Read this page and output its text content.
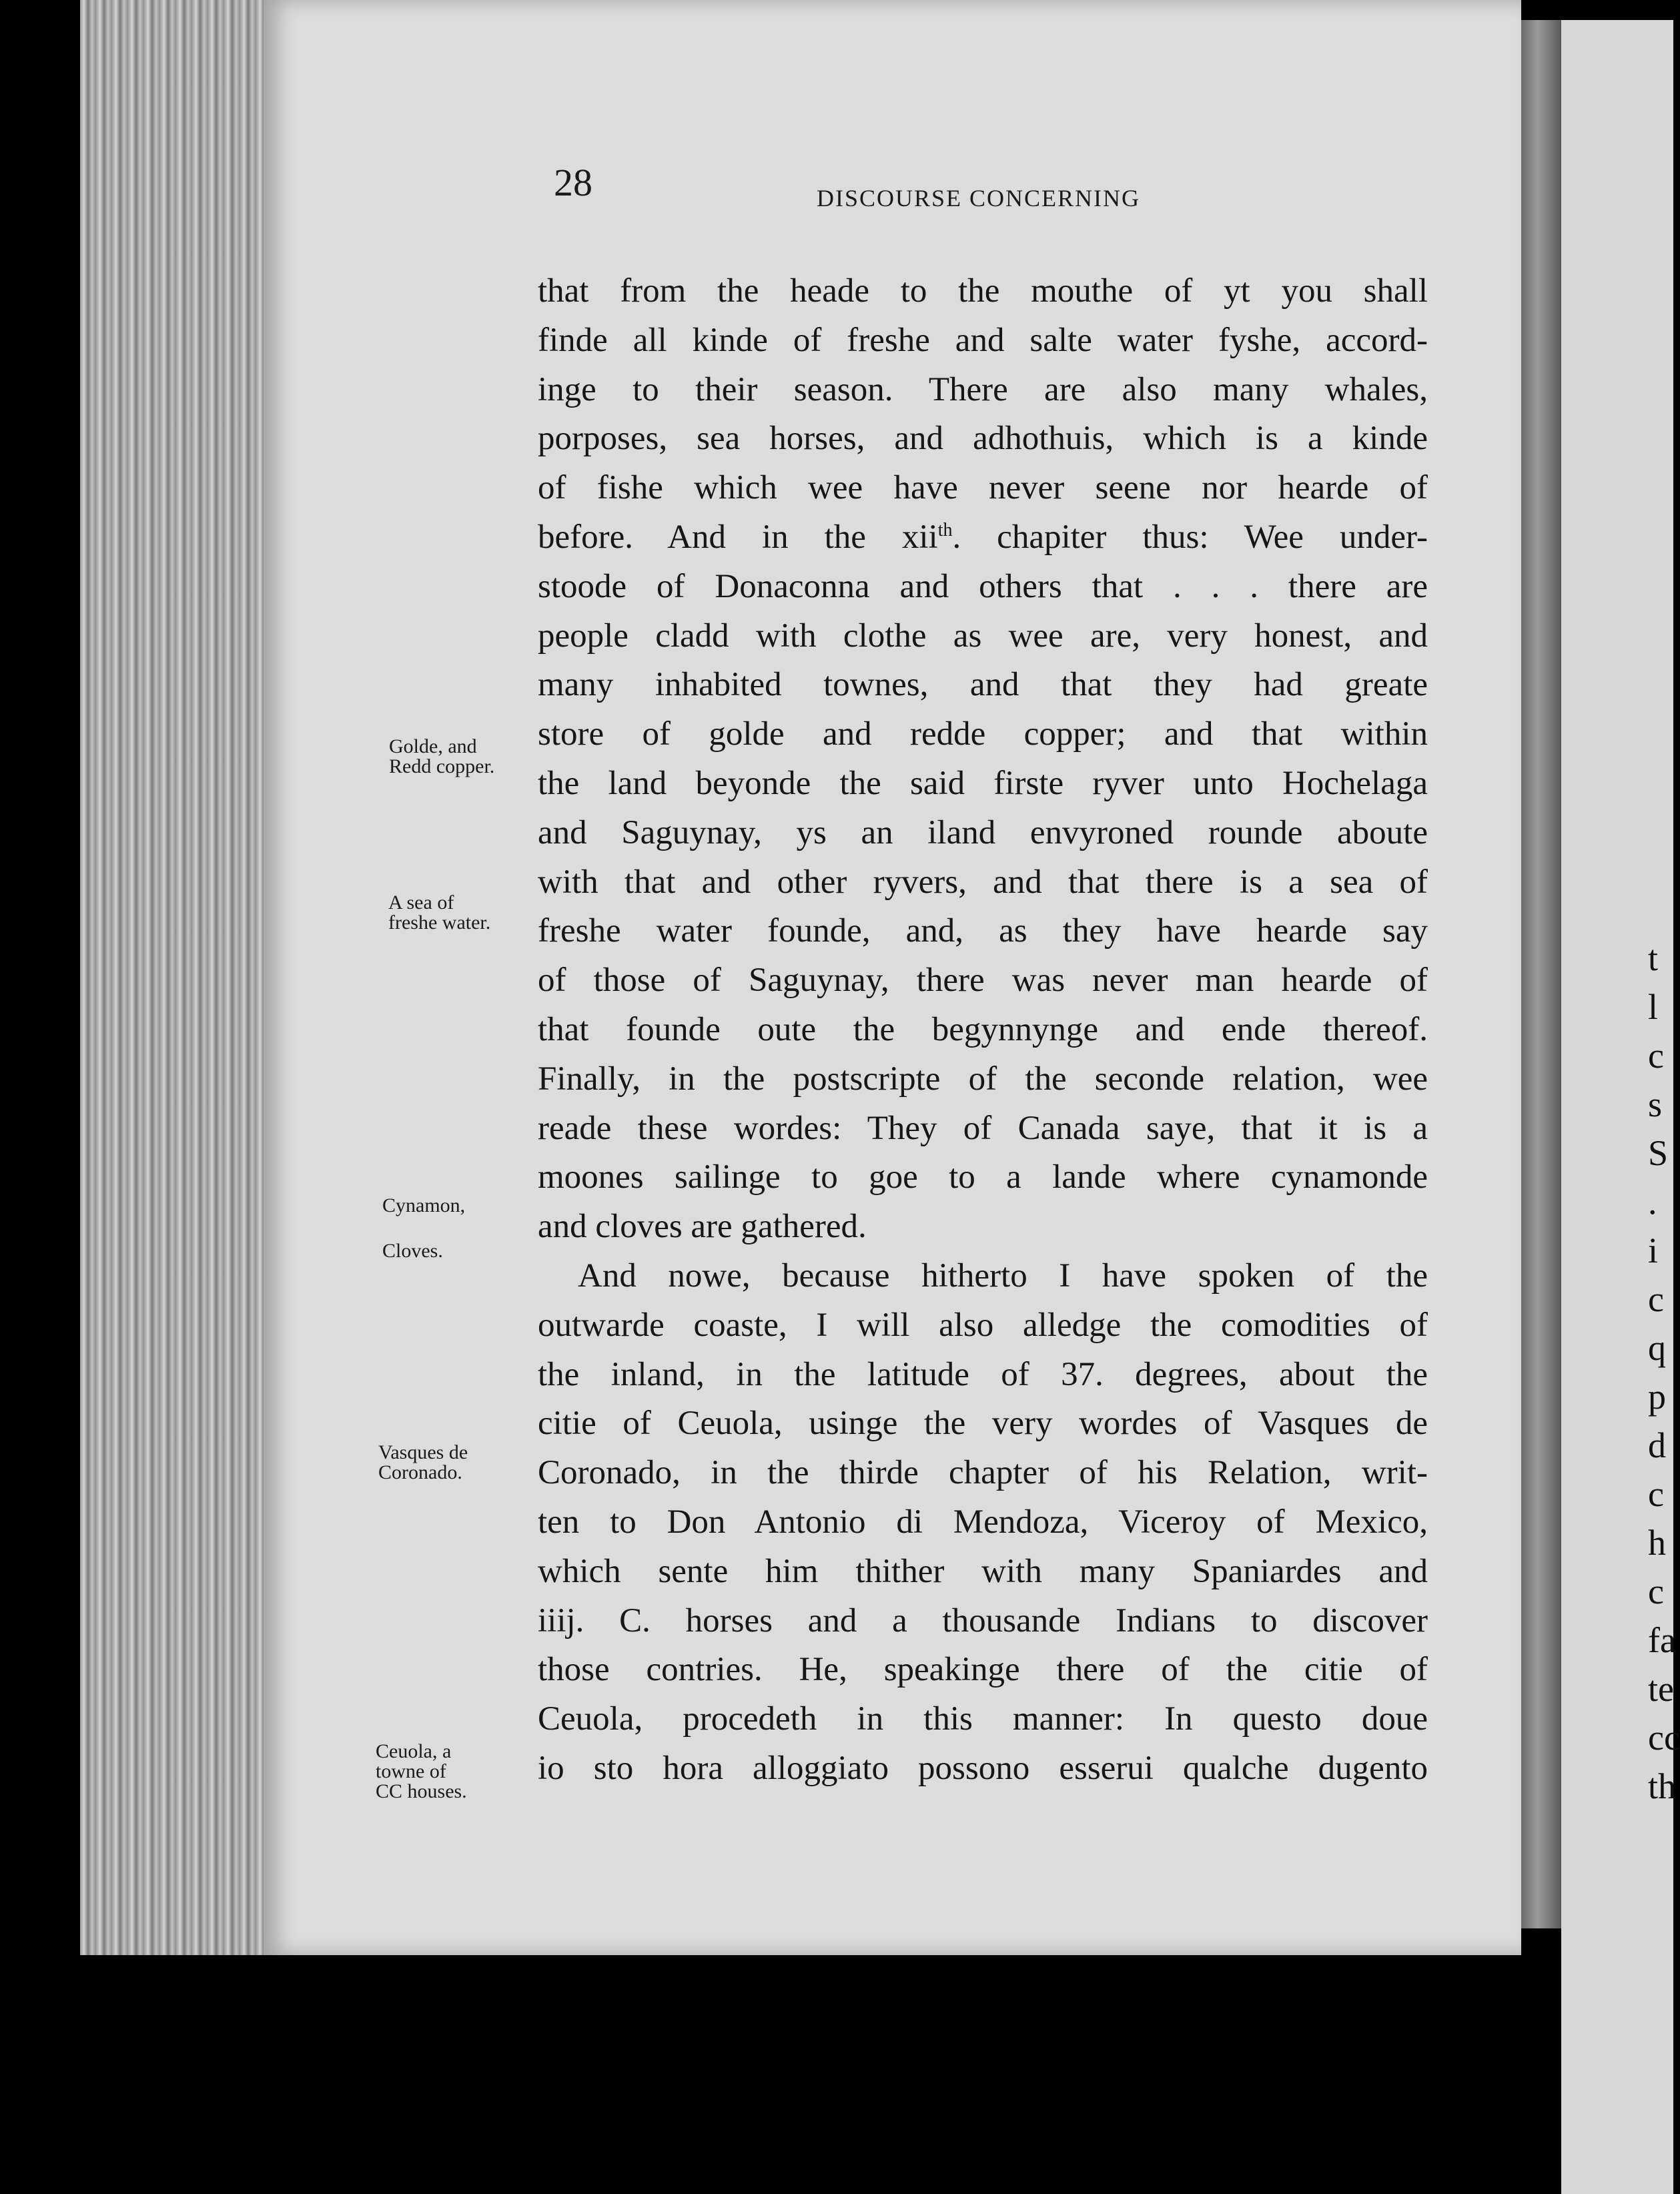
t
l
c
s
S
.
i
c
q
p
d
c
h
c
fa
te
cc
th
28	DISCOURSE CONCERNING
that from the heade to the mouthe of yt you shall
finde all kinde of freshe and salte water fyshe, accord-
inge to their season. There are also many whales,
porposes, sea horses, and adhothuis, which is a kinde
of fishe which wee have never seene nor hearde of
before. And in the xii$^{th}$. chapiter thus: Wee under-
stoode of Donaconna and others that . . . there are
people cladd with clothe as wee are, very honest, and
many inhabited townes, and that they had greate
store of golde and redde copper; and that within
the land beyonde the said firste ryver unto Hochelaga
and Saguynay, ys an iland envyroned rounde aboute
with that and other ryvers, and that there is a sea of
freshe water founde, and, as they have hearde say
of those of Saguynay, there was never man hearde of
that founde oute the begynnynge and ende thereof.
Finally, in the postscripte of the seconde relation, wee
reade these wordes: They of Canada saye, that it is a
moones sailinge to goe to a lande where cynamonde
and cloves are gathered.
And nowe, because hitherto I have spoken of the
outwarde coaste, I will also alledge the comodities of
the inland, in the latitude of 37. degrees, about the
citie of Ceuola, usinge the very wordes of Vasques de
Coronado, in the thirde chapter of his Relation, writ-
ten to Don Antonio di Mendoza, Viceroy of Mexico,
which sente him thither with many Spaniardes and
iiij. C. horses and a thousande Indians to discover
those contries. He, speakinge there of the citie of
Ceuola, procedeth in this manner: In questo doue
io sto hora alloggiato possono esserui qualche dugento
Golde, and
Redd copper.
A sea of
freshe water.
Cynamon,
Cloves.
Vasques de
Coronado.
Ceuola, a
towne of
CC houses.
